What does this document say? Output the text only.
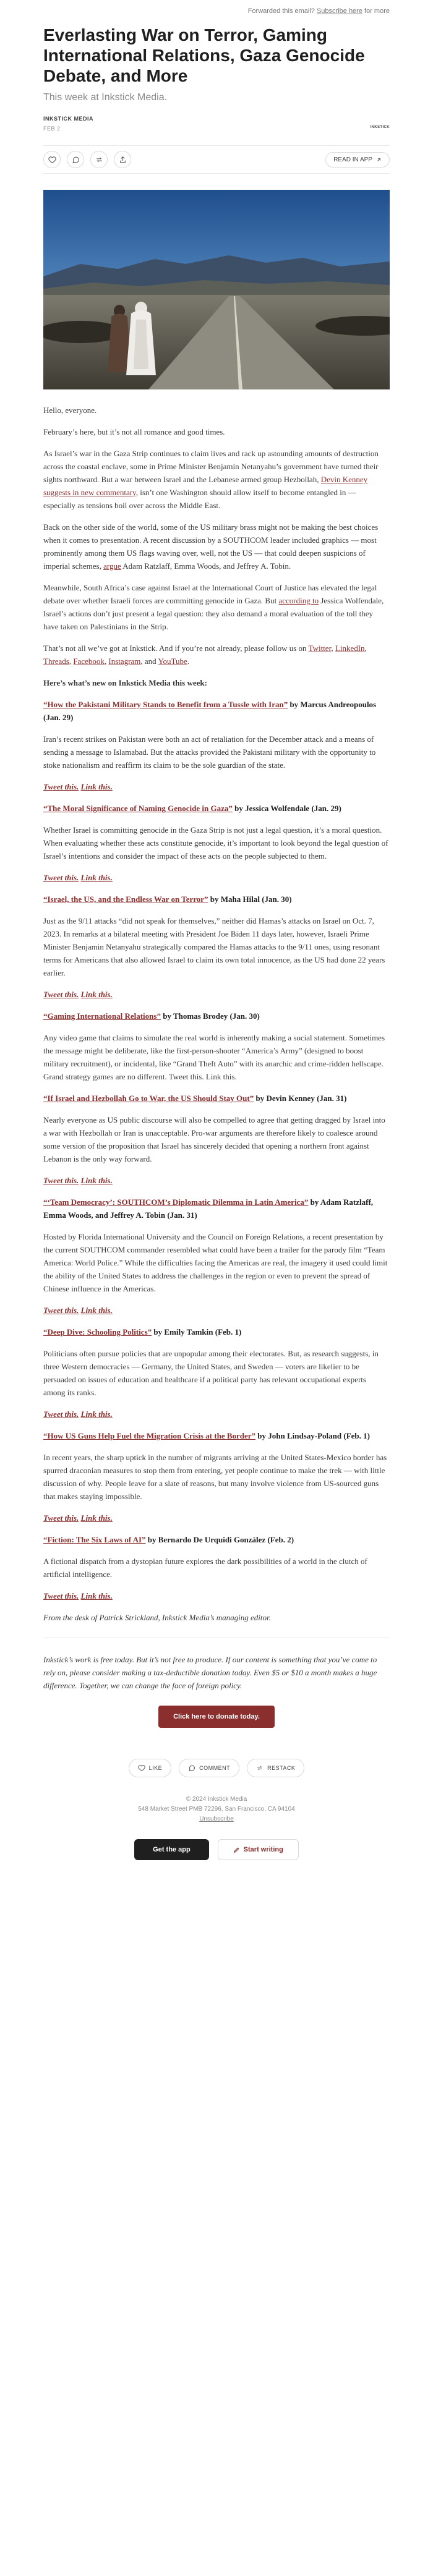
Forwarded this email? Subscribe here for more
Everlasting War on Terror, Gaming International Relations, Gaza Genocide Debate, and More
This week at Inkstick Media.
INKSTICK MEDIA
FEB 2	INKSTICK
READ IN APP

Hello, everyone.

February’s here, but it’s not all romance and good times.

As Israel’s war in the Gaza Strip continues to claim lives and rack up astounding amounts of destruction across the coastal enclave, some in Prime Minister Benjamin Netanyahu’s government have turned their sights northward. But a war between Israel and the Lebanese armed group Hezbollah, Devin Kenney suggests in new commentary, isn’t one Washington should allow itself to become entangled in — especially as tensions boil over across the Middle East.

Back on the other side of the world, some of the US military brass might not be making the best choices when it comes to presentation. A recent discussion by a SOUTHCOM leader included graphics — most prominently among them US flags waving over, well, not the US — that could deepen suspicions of imperial schemes, argue Adam Ratzlaff, Emma Woods, and Jeffrey A. Tobin.

Meanwhile, South Africa’s case against Israel at the International Court of Justice has elevated the legal debate over whether Israeli forces are committing genocide in Gaza. But according to Jessica Wolfendale, Israel’s actions don’t just present a legal question: they also demand a moral evaluation of the toll they have taken on Palestinians in the Strip.

That’s not all we’ve got at Inkstick. And if you’re not already, please follow us on Twitter, LinkedIn, Threads, Facebook, Instagram, and YouTube.

Here’s what’s new on Inkstick Media this week:

“How the Pakistani Military Stands to Benefit from a Tussle with Iran” by Marcus Andreopoulos (Jan. 29)

Iran’s recent strikes on Pakistan were both an act of retaliation for the December attack and a means of sending a message to Islamabad. But the attacks provided the Pakistani military with the opportunity to stoke nationalism and reaffirm its claim to be the sole guardian of the state.

Tweet this. Link this.

“The Moral Significance of Naming Genocide in Gaza” by Jessica Wolfendale (Jan. 29)

Whether Israel is committing genocide in the Gaza Strip is not just a legal question, it’s a moral question. When evaluating whether these acts constitute genocide, it’s important to look beyond the legal question of Israel’s intentions and consider the impact of these acts on the people subjected to them.

Tweet this. Link this.

“Israel, the US, and the Endless War on Terror” by Maha Hilal (Jan. 30)

Just as the 9/11 attacks “did not speak for themselves,” neither did Hamas’s attacks on Israel on Oct. 7, 2023. In remarks at a bilateral meeting with President Joe Biden 11 days later, however, Israeli Prime Minister Benjamin Netanyahu strategically compared the Hamas attacks to the 9/11 ones, using resonant terms for Americans that also allowed Israel to claim its own total innocence, as the US had done 22 years earlier.

Tweet this. Link this.

“Gaming International Relations” by Thomas Brodey (Jan. 30)

Any video game that claims to simulate the real world is inherently making a social statement. Sometimes the message might be deliberate, like the first-person-shooter “America’s Army” (designed to boost military recruitment), or incidental, like “Grand Theft Auto” with its anarchic and crime-ridden hellscape. Grand strategy games are no different. Tweet this. Link this.

“If Israel and Hezbollah Go to War, the US Should Stay Out” by Devin Kenney (Jan. 31)

Nearly everyone as US public discourse will also be compelled to agree that getting dragged by Israel into a war with Hezbollah or Iran is unacceptable. Pro-war arguments are therefore likely to coalesce around some version of the proposition that Israel has sincerely decided that opening a northern front against Lebanon is the only way forward.

Tweet this. Link this.

“‘Team Democracy’: SOUTHCOM’s Diplomatic Dilemma in Latin America” by Adam Ratzlaff, Emma Woods, and Jeffrey A. Tobin (Jan. 31)

Hosted by Florida International University and the Council on Foreign Relations, a recent presentation by the current SOUTHCOM commander resembled what could have been a trailer for the parody film “Team America: World Police.” While the difficulties facing the Americas are real, the imagery it used could limit the ability of the United States to address the challenges in the region or even to prevent the spread of Chinese influence in the Americas.

Tweet this. Link this.

“Deep Dive: Schooling Politics” by Emily Tamkin (Feb. 1)

Politicians often pursue policies that are unpopular among their electorates. But, as research suggests, in three Western democracies — Germany, the United States, and Sweden — voters are likelier to be persuaded on issues of education and healthcare if a political party has relevant occupational experts among its ranks.

Tweet this. Link this.

“How US Guns Help Fuel the Migration Crisis at the Border” by John Lindsay-Poland (Feb. 1)

In recent years, the sharp uptick in the number of migrants arriving at the United States-Mexico border has spurred draconian measures to stop them from entering, yet people continue to make the trek — with little discussion of why. People leave for a slate of reasons, but many involve violence from US-sourced guns that makes staying impossible.

Tweet this. Link this.

“Fiction: The Six Laws of AI” by Bernardo De Urquidi González (Feb. 2)

A fictional dispatch from a dystopian future explores the dark possibilities of a world in the clutch of artificial intelligence.

Tweet this. Link this.

From the desk of Patrick Strickland, Inkstick Media’s managing editor.

Inkstick’s work is free today. But it’s not free to produce. If our content is something that you’ve come to rely on, please consider making a tax-deductible donation today. Even $5 or $10 a month makes a huge difference. Together, we can change the face of foreign policy.

Click here to donate today.
LIKE	COMMENT	RESTACK
© 2024 Inkstick Media
548 Market Street PMB 72296, San Francisco, CA 94104
Unsubscribe
Get the app	Start writing
